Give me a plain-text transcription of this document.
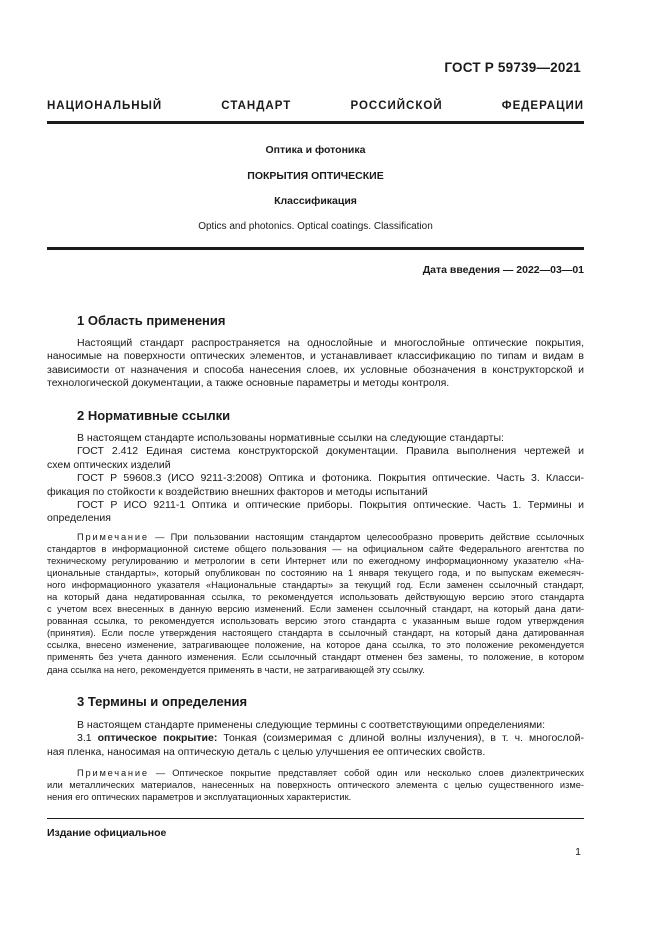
ГОСТ Р 59739—2021
НАЦИОНАЛЬНЫЙ СТАНДАРТ РОССИЙСКОЙ ФЕДЕРАЦИИ
Оптика и фотоника
ПОКРЫТИЯ ОПТИЧЕСКИЕ
Классификация
Optics and photonics. Optical coatings. Classification
Дата введения — 2022—03—01
1 Область применения
Настоящий стандарт распространяется на однослойные и многослойные оптические покрытия,
наносимые на поверхности оптических элементов, и устанавливает классификацию по типам и видам в
зависимости от назначения и способа нанесения слоев, их условные обозначения в конструкторской и
технологической документации, а также основные параметры и методы контроля.
2 Нормативные ссылки
В настоящем стандарте использованы нормативные ссылки на следующие стандарты:
ГОСТ 2.412 Единая система конструкторской документации. Правила выполнения чертежей и
схем оптических изделий
ГОСТ Р 59608.3 (ИСО 9211-3:2008) Оптика и фотоника. Покрытия оптические. Часть 3. Класси-
фикация по стойкости к воздействию внешних факторов и методы испытаний
ГОСТ Р ИСО 9211-1 Оптика и оптические приборы. Покрытия оптические. Часть 1. Термины и
определения
Примечание — При пользовании настоящим стандартом целесообразно проверить действие ссылочных
стандартов в информационной системе общего пользования — на официальном сайте Федерального агентства по
техническому регулированию и метрологии в сети Интернет или по ежегодному информационному указателю «На-
циональные стандарты», который опубликован по состоянию на 1 января текущего года, и по выпускам ежемесяч-
ного информационного указателя «Национальные стандарты» за текущий год. Если заменен ссылочный стандарт,
на который дана недатированная ссылка, то рекомендуется использовать действующую версию этого стандарта
с учетом всех внесенных в данную версию изменений. Если заменен ссылочный стандарт, на который дана дати-
рованная ссылка, то рекомендуется использовать версию этого стандарта с указанным выше годом утверждения
(принятия). Если после утверждения настоящего стандарта в ссылочный стандарт, на который дана датированная
ссылка, внесено изменение, затрагивающее положение, на которое дана ссылка, то это положение рекомендуется
применять без учета данного изменения. Если ссылочный стандарт отменен без замены, то положение, в котором
дана ссылка на него, рекомендуется применять в части, не затрагивающей эту ссылку.
3 Термины и определения
В настоящем стандарте применены следующие термины с соответствующими определениями:
3.1 оптическое покрытие: Тонкая (соизмеримая с длиной волны излучения), в т. ч. многослой-
ная пленка, наносимая на оптическую деталь с целью улучшения ее оптических свойств.
Примечание — Оптическое покрытие представляет собой один или несколько слоев диэлектрических
или металлических материалов, нанесенных на поверхность оптического элемента с целью существенного изме-
нения его оптических параметров и эксплуатационных характеристик.
Издание официальное
1
